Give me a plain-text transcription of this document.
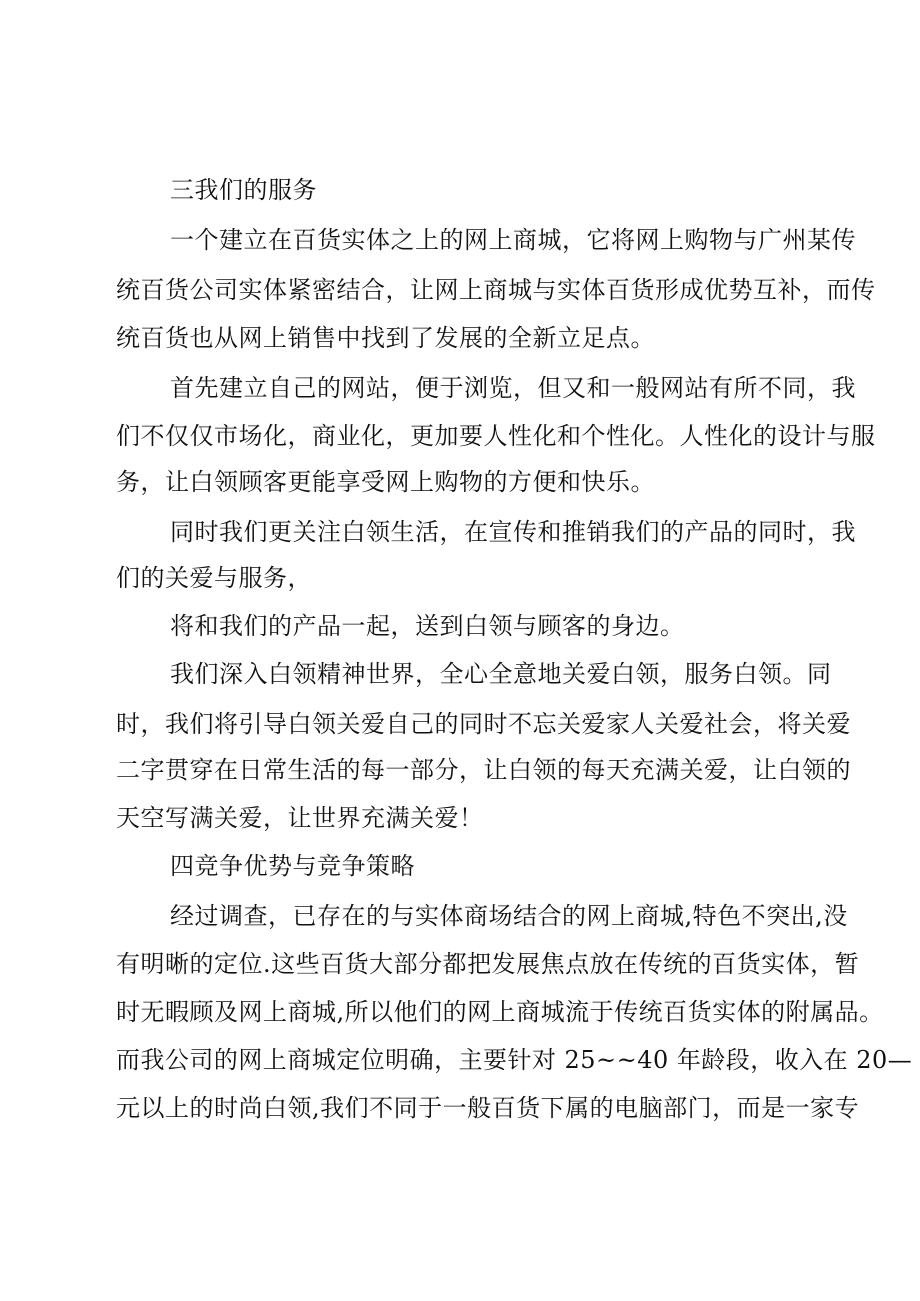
三我们的服务
一个建立在百货实体之上的网上商城，它将网上购物与广州某传
统百货公司实体紧密结合，让网上商城与实体百货形成优势互补，而传
统百货也从网上销售中找到了发展的全新立足点。
首先建立自己的网站，便于浏览，但又和一般网站有所不同，我
们不仅仅市场化，商业化，更加要人性化和个性化。人性化的设计与服
务，让白领顾客更能享受网上购物的方便和快乐。
同时我们更关注白领生活，在宣传和推销我们的产品的同时，我
们的关爱与服务，
将和我们的产品一起，送到白领与顾客的身边。
我们深入白领精神世界，全心全意地关爱白领，服务白领。同
时，我们将引导白领关爱自己的同时不忘关爱家人关爱社会，将关爱
二字贯穿在日常生活的每一部分，让白领的每天充满关爱，让白领的
天空写满关爱，让世界充满关爱！
四竞争优势与竞争策略
经过调查，已存在的与实体商场结合的网上商城,特色不突出,没
有明晰的定位.这些百货大部分都把发展焦点放在传统的百货实体，暂
时无暇顾及网上商城,所以他们的网上商城流于传统百货实体的附属品。
而我公司的网上商城定位明确，主要针对 25~~40 年龄段，收入在 20—
元以上的时尚白领,我们不同于一般百货下属的电脑部门，而是一家专
